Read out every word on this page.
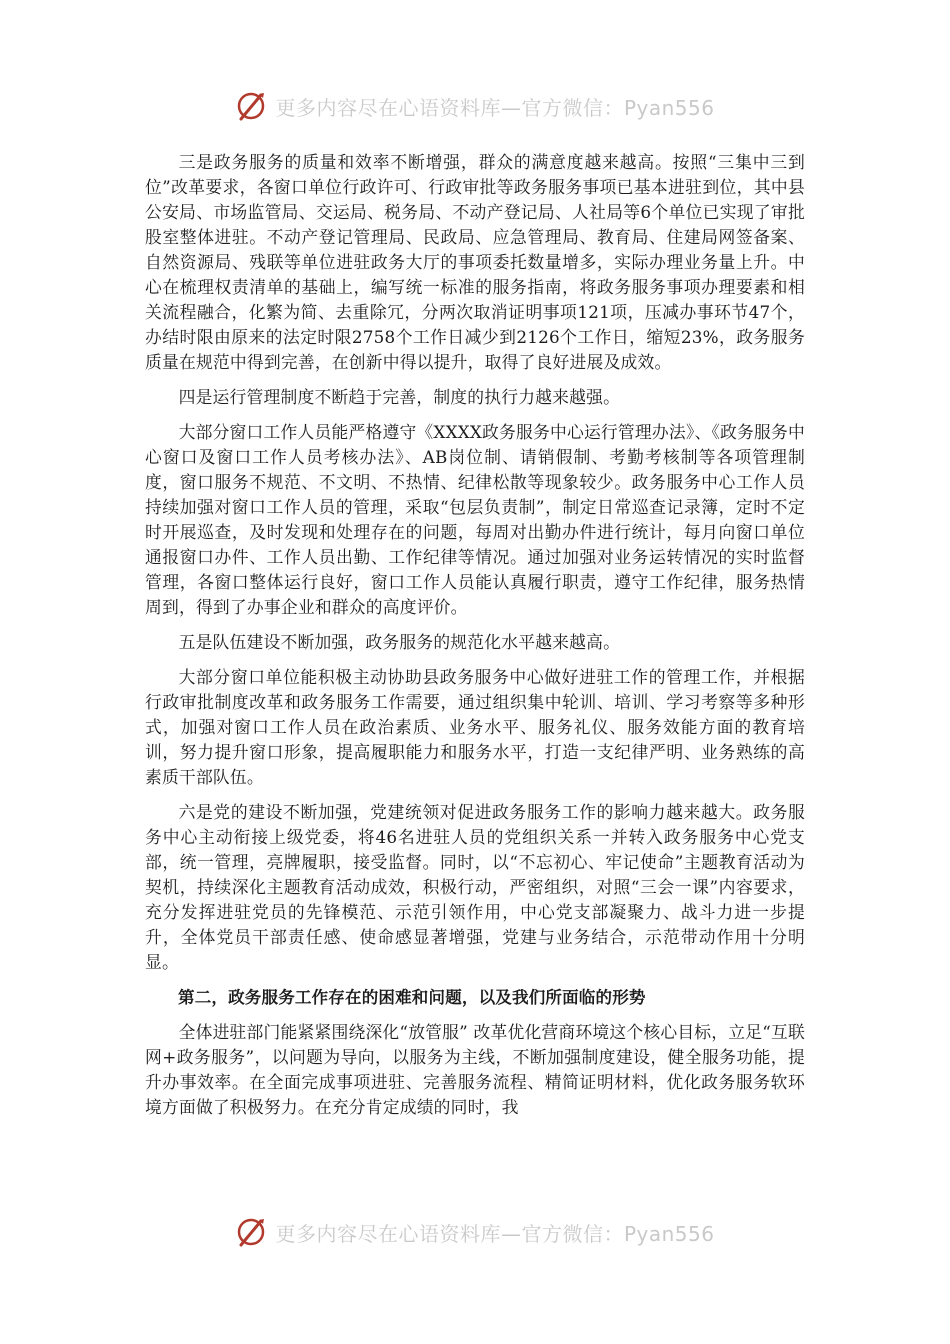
更多内容尽在心语资料库—官方微信：Pyan556

三是政务服务的质量和效率不断增强，群众的满意度越来越高。按照“三集中三到位”改革要求，各窗口单位行政许可、行政审批等政务服务事项已基本进驻到位，其中县公安局、市场监管局、交运局、税务局、不动产登记局、人社局等6个单位已实现了审批股室整体进驻。不动产登记管理局、民政局、应急管理局、教育局、住建局网签备案、自然资源局、残联等单位进驻政务大厅的事项委托数量增多，实际办理业务量上升。中心在梳理权责清单的基础上，编写统一标准的服务指南，将政务服务事项办理要素和相关流程融合，化繁为简、去重除冗，分两次取消证明事项121项，压减办事环节47个，办结时限由原来的法定时限2758个工作日减少到2126个工作日，缩短23%，政务服务质量在规范中得到完善，在创新中得以提升，取得了良好进展及成效。

四是运行管理制度不断趋于完善，制度的执行力越来越强。

大部分窗口工作人员能严格遵守《XXXX政务服务中心运行管理办法》、《政务服务中心窗口及窗口工作人员考核办法》、AB岗位制、请销假制、考勤考核制等各项管理制度，窗口服务不规范、不文明、不热情、纪律松散等现象较少。政务服务中心工作人员持续加强对窗口工作人员的管理，采取“包层负责制”，制定日常巡查记录簿，定时不定时开展巡查，及时发现和处理存在的问题，每周对出勤办件进行统计，每月向窗口单位通报窗口办件、工作人员出勤、工作纪律等情况。通过加强对业务运转情况的实时监督管理，各窗口整体运行良好，窗口工作人员能认真履行职责，遵守工作纪律，服务热情周到，得到了办事企业和群众的高度评价。

五是队伍建设不断加强，政务服务的规范化水平越来越高。

大部分窗口单位能积极主动协助县政务服务中心做好进驻工作的管理工作，并根据行政审批制度改革和政务服务工作需要，通过组织集中轮训、培训、学习考察等多种形式，加强对窗口工作人员在政治素质、业务水平、服务礼仪、服务效能方面的教育培训，努力提升窗口形象，提高履职能力和服务水平，打造一支纪律严明、业务熟练的高素质干部队伍。

六是党的建设不断加强，党建统领对促进政务服务工作的影响力越来越大。政务服务中心主动衔接上级党委，将46名进驻人员的党组织关系一并转入政务服务中心党支部，统一管理，亮牌履职，接受监督。同时，以“不忘初心、牢记使命”主题教育活动为契机，持续深化主题教育活动成效，积极行动，严密组织，对照“三会一课”内容要求，充分发挥进驻党员的先锋模范、示范引领作用，中心党支部凝聚力、战斗力进一步提升，全体党员干部责任感、使命感显著增强，党建与业务结合，示范带动作用十分明显。

第二，政务服务工作存在的困难和问题，以及我们所面临的形势

全体进驻部门能紧紧围绕深化“放管服” 改革优化营商环境这个核心目标，立足“互联网+政务服务”，以问题为导向，以服务为主线，不断加强制度建设，健全服务功能，提升办事效率。在全面完成事项进驻、完善服务流程、精简证明材料，优化政务服务软环境方面做了积极努力。在充分肯定成绩的同时，我

更多内容尽在心语资料库—官方微信：Pyan556
